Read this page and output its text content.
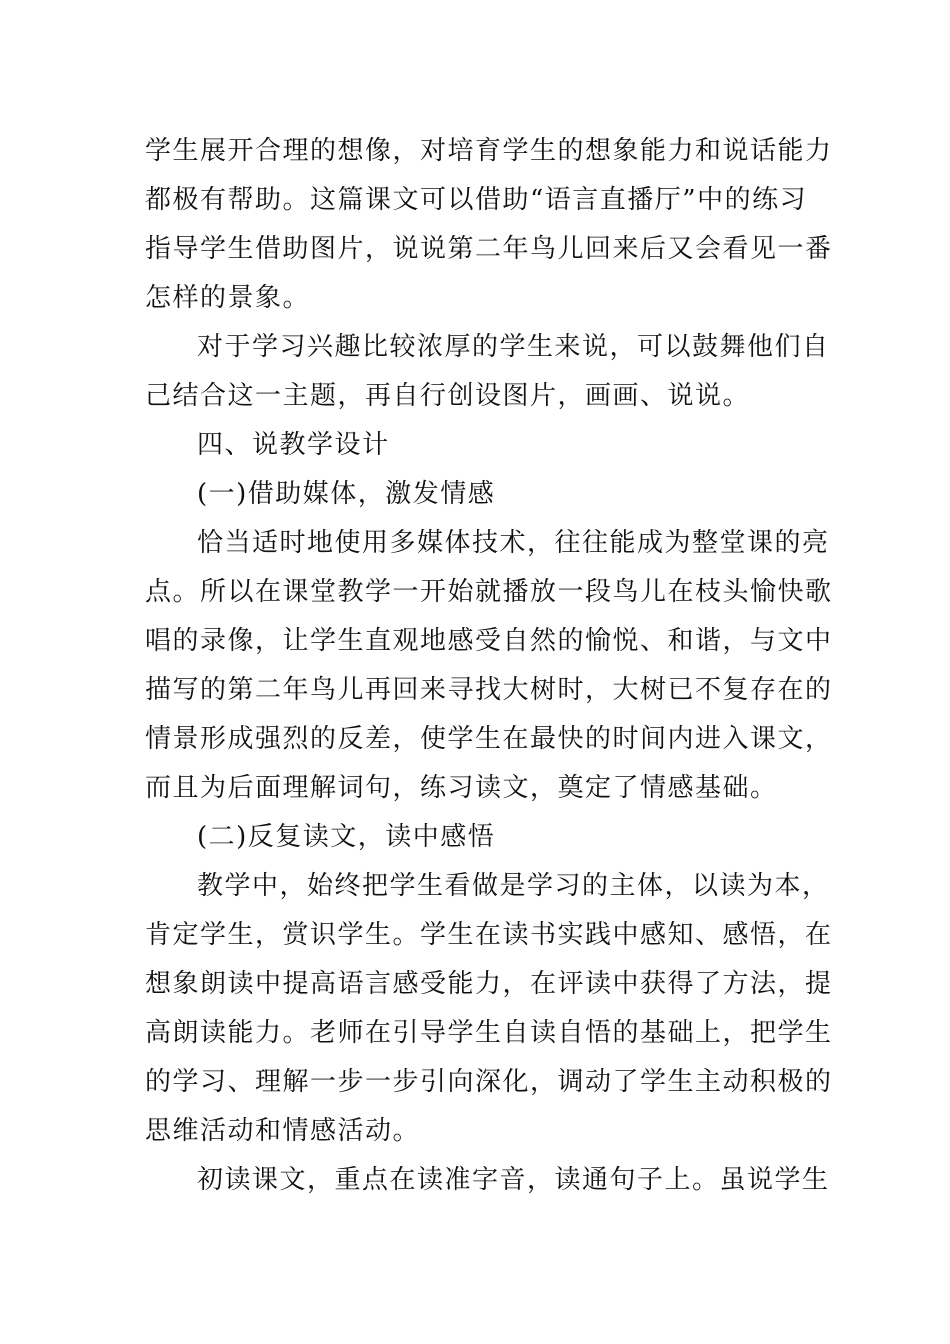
学生展开合理的想像，对培育学生的想象能力和说话能力
都极有帮助。这篇课文可以借助“语言直播厅”中的练习
指导学生借助图片，说说第二年鸟儿回来后又会看见一番
怎样的景象。
对于学习兴趣比较浓厚的学生来说，可以鼓舞他们自
己结合这一主题，再自行创设图片，画画、说说。
四、说教学设计
(一)借助媒体，激发情感
恰当适时地使用多媒体技术，往往能成为整堂课的亮
点。所以在课堂教学一开始就播放一段鸟儿在枝头愉快歌
唱的录像，让学生直观地感受自然的愉悦、和谐，与文中
描写的第二年鸟儿再回来寻找大树时，大树已不复存在的
情景形成强烈的反差，使学生在最快的时间内进入课文，
而且为后面理解词句，练习读文，奠定了情感基础。
(二)反复读文，读中感悟
教学中，始终把学生看做是学习的主体，以读为本，
肯定学生，赏识学生。学生在读书实践中感知、感悟，在
想象朗读中提高语言感受能力，在评读中获得了方法，提
高朗读能力。老师在引导学生自读自悟的基础上，把学生
的学习、理解一步一步引向深化，调动了学生主动积极的
思维活动和情感活动。
初读课文，重点在读准字音，读通句子上。虽说学生
